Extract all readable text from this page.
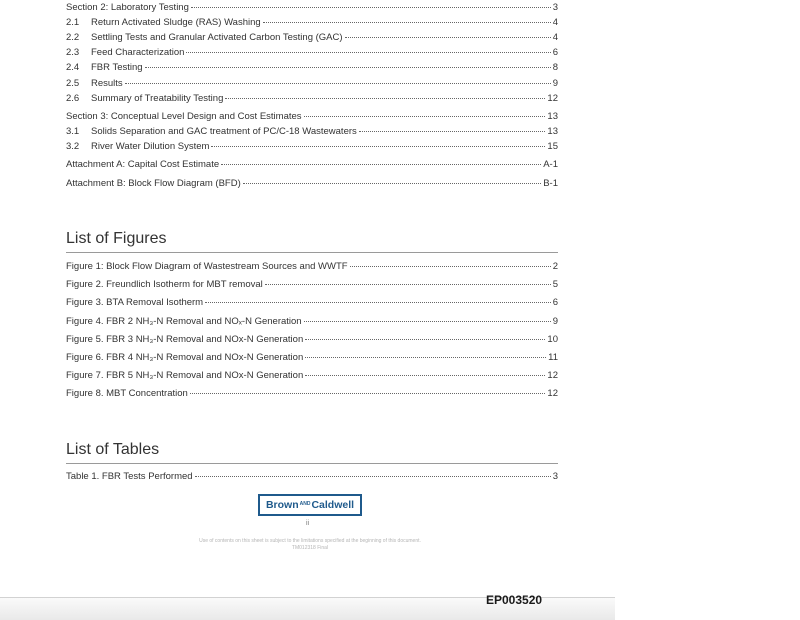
Section 2: Laboratory Testing	3
2.1	Return Activated Sludge (RAS) Washing	4
2.2	Settling Tests and Granular Activated Carbon Testing (GAC)	4
2.3	Feed Characterization	6
2.4	FBR Testing	8
2.5	Results	9
2.6	Summary of Treatability Testing	12
Section 3: Conceptual Level Design and Cost Estimates	13
3.1	Solids Separation and GAC treatment of PC/C-18 Wastewaters	13
3.2	River Water Dilution System	15
Attachment A: Capital Cost Estimate	A-1
Attachment B: Block Flow Diagram (BFD)	B-1
List of Figures
Figure 1: Block Flow Diagram of Wastestream Sources and WWTF	2
Figure 2. Freundlich Isotherm for MBT removal	5
Figure 3. BTA Removal Isotherm	6
Figure 4. FBR 2 NH₃-N Removal and NOₓ-N Generation	9
Figure 5. FBR 3 NH₃-N Removal and NOx-N Generation	10
Figure 6. FBR 4 NH₃-N Removal and NOx-N Generation	11
Figure 7. FBR 5 NH₃-N Removal and NOx-N Generation	12
Figure 8. MBT Concentration	12
List of Tables
Table 1. FBR Tests Performed	3
Brown AND Caldwell
ii
Use of contents on this sheet is subject to the limitations specified at the beginning of this document.
TM012318 Final
EP003520
